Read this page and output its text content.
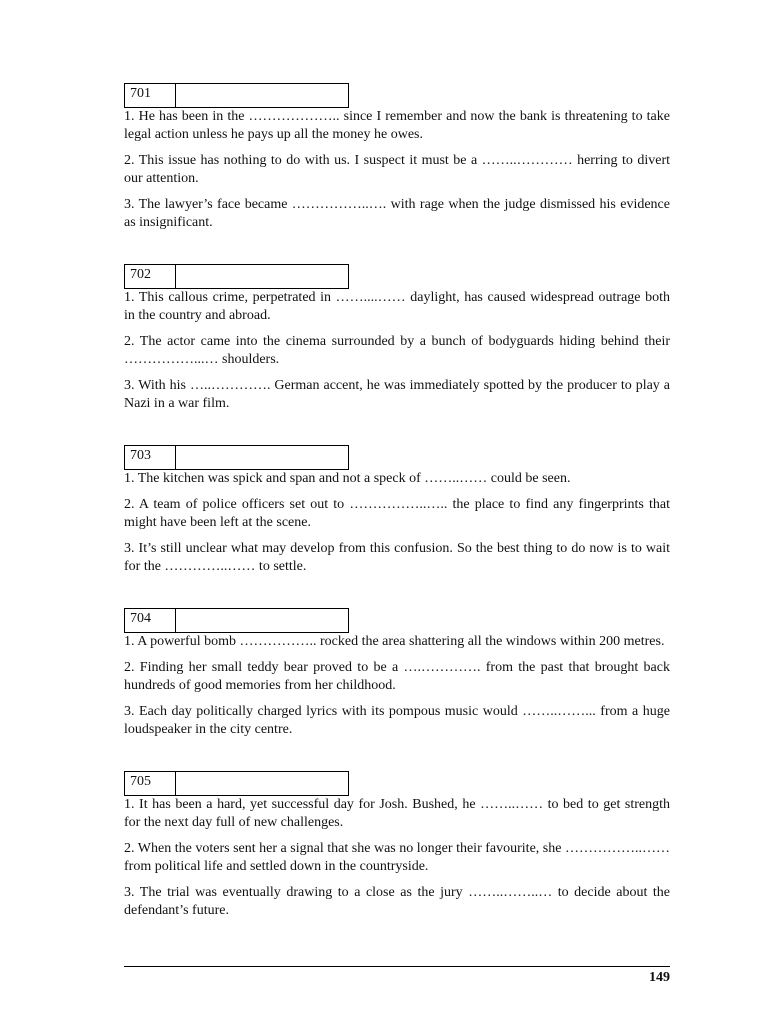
701

1. He has been in the ……………….. since I remember and now the bank is threatening to take legal action unless he pays up all the money he owes.

2. This issue has nothing to do with us. I suspect it must be a ……..………… herring to divert our attention.

3. The lawyer’s face became ……………..…. with rage when the judge dismissed his evidence as insignificant.

702

1. This callous crime, perpetrated in ……....…… daylight, has caused widespread outrage both in the country and abroad.

2. The actor came into the cinema surrounded by a bunch of bodyguards hiding behind their ……………...… shoulders.

3. With his …..…………. German accent, he was immediately spotted by the producer to play a Nazi in a war film.

703

1. The kitchen was spick and span and not a speck of ……..…… could be seen.

2. A team of police officers set out to ……………..….. the place to find any fingerprints that might have been left at the scene.

3. It’s still unclear what may develop from this confusion. So the best thing to do now is to wait for the …………..…… to settle.

704

1. A powerful bomb …………….. rocked the area shattering all the windows within 200 metres.

2. Finding her small teddy bear proved to be a ….…………. from the past that brought back hundreds of good memories from her childhood.

3. Each day politically charged lyrics with its pompous music would ……..……... from a huge loudspeaker in the city centre.

705

1. It has been a hard, yet successful day for Josh. Bushed, he ……..…… to bed to get strength for the next day full of new challenges.

2. When the voters sent her a signal that she was no longer their favourite, she ……………..…… from political life and settled down in the countryside.

3. The trial was eventually drawing to a close as the jury ……..……..… to decide about the defendant’s future.

149
